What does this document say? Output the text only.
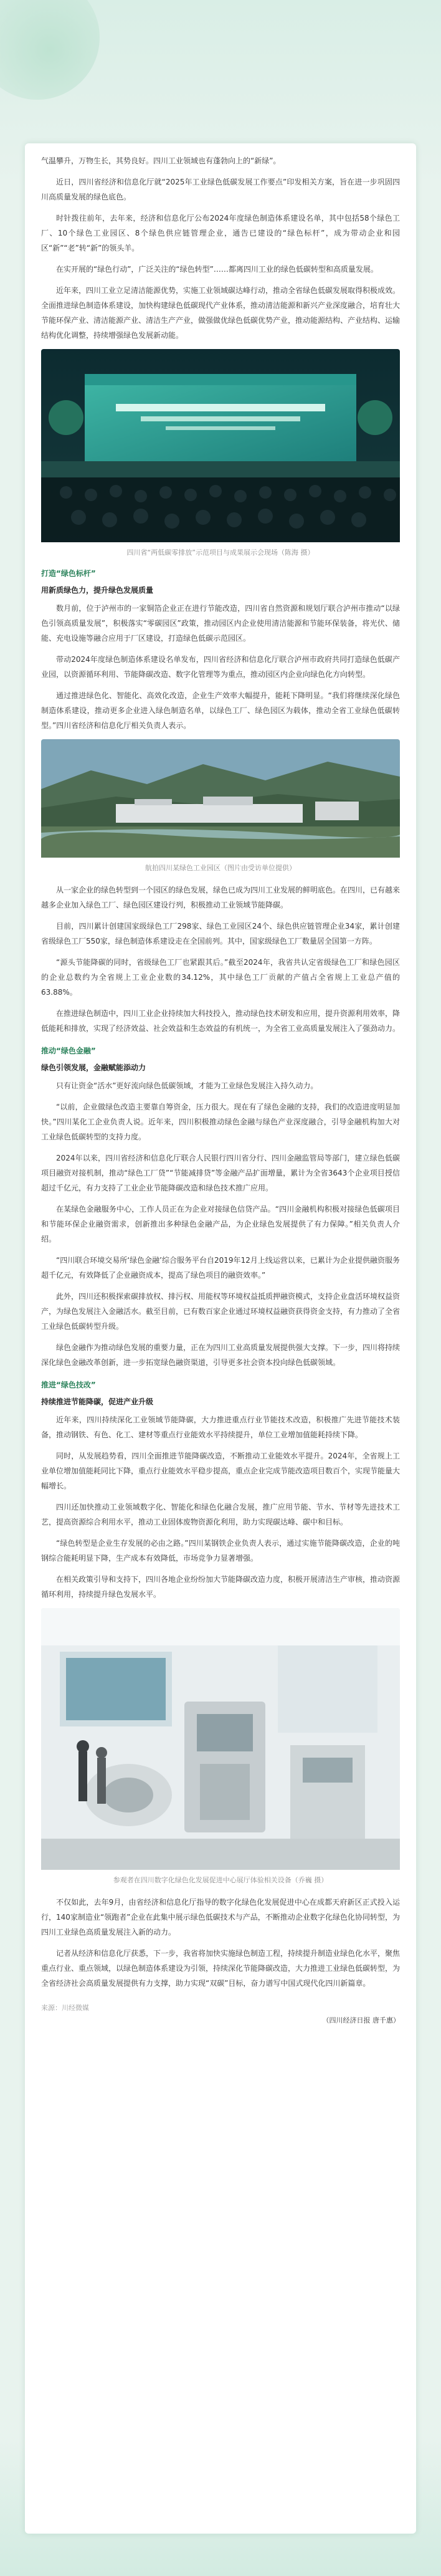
气温攀升，万物生长，其势良好。四川工业领域也有蓬勃向上的“新绿”。

近日，四川省经济和信息化厅就“2025年工业绿色低碳发展工作要点”印发相关方案，旨在进一步巩固四川高质量发展的绿色底色。

时针拨往前年，去年来，经济和信息化厅公布2024年度绿色制造体系建设名单，其中包括58个绿色工厂、10个绿色工业园区、8个绿色供应链管理企业，通告已建设的“绿色标杆”，成为带动企业和园区“新”“老”转“新”的领头羊。

在实开展的“绿色行动”，广泛关注的“绿色转型”……都离四川工业的绿色低碳转型和高质量发展。

近年来，四川工业立足清洁能源优势，实施工业领域碳达峰行动，推动全省绿色低碳发展取得积极成效。全面推进绿色制造体系建设，加快构建绿色低碳现代产业体系，推动清洁能源和新兴产业深度融合，培育壮大节能环保产业、清洁能源产业、清洁生产产业，做强做优绿色低碳优势产业，推动能源结构、产业结构、运输结构优化调整，持续增强绿色发展新动能。

四川省“两低碳零排放”示范项目与成果展示会现场（陈海 摄）

打造“绿色标杆”

用新质绿色力，提升绿色发展质量

数月前，位于泸州市的一家铜箔企业正在进行节能改造，四川省自然资源和规划厅联合泸州市推动“以绿色引领高质量发展”，积极落实“零碳园区”政策，推动园区内企业使用清洁能源和节能环保装备，将光伏、储能、充电设施等融合应用于厂区建设，打造绿色低碳示范园区。

带动2024年度绿色制造体系建设名单发布，四川省经济和信息化厅联合泸州市政府共同打造绿色低碳产业园，以资源循环利用、节能降碳改造、数字化管理等为重点，推动园区内企业向绿色化方向转型。

通过推进绿色化、智能化、高效化改造，企业生产效率大幅提升，能耗下降明显。“我们将继续深化绿色制造体系建设，推动更多企业进入绿色制造名单，以绿色工厂、绿色园区为载体，推动全省工业绿色低碳转型。”四川省经济和信息化厅相关负责人表示。

航拍四川某绿色工业园区（图片由受访单位提供）

从一家企业的绿色转型到一个园区的绿色发展，绿色已成为四川工业发展的鲜明底色。在四川，已有越来越多企业加入绿色工厂、绿色园区建设行列，积极推动工业领域节能降碳。

目前，四川累计创建国家级绿色工厂298家、绿色工业园区24个、绿色供应链管理企业34家，累计创建省级绿色工厂550家，绿色制造体系建设走在全国前列。其中，国家级绿色工厂数量居全国第一方阵。

“源头节能降碳的同时，省级绿色工厂也紧跟其后。”截至2024年，我省共认定省级绿色工厂和绿色园区的企业总数约为全省规上工业企业数的34.12%，其中绿色工厂贡献的产值占全省规上工业总产值的63.88%。

在推进绿色制造中，四川工业企业持续加大科技投入，推动绿色技术研发和应用，提升资源利用效率，降低能耗和排放，实现了经济效益、社会效益和生态效益的有机统一，为全省工业高质量发展注入了强劲动力。

推动“绿色金融”

绿色引领发展，金融赋能添动力

只有让资金“活水”更好流向绿色低碳领域，才能为工业绿色发展注入持久动力。

“以前，企业做绿色改造主要靠自筹资金，压力很大。现在有了绿色金融的支持，我们的改造进度明显加快。”四川某化工企业负责人说。近年来，四川积极推动绿色金融与绿色产业深度融合，引导金融机构加大对工业绿色低碳转型的支持力度。

2024年以来，四川省经济和信息化厅联合人民银行四川省分行、四川金融监管局等部门，建立绿色低碳项目融资对接机制，推动“绿色工厂贷”“节能减排贷”等金融产品扩面增量，累计为全省3643个企业项目授信超过千亿元，有力支持了工业企业节能降碳改造和绿色技术推广应用。

在某绿色金融服务中心，工作人员正在为企业对接绿色信贷产品。“四川金融机构积极对接绿色低碳项目和节能环保企业融资需求，创新推出多种绿色金融产品，为企业绿色发展提供了有力保障。”相关负责人介绍。

“四川联合环境交易所‘绿色金融’综合服务平台自2019年12月上线运营以来，已累计为企业提供融资服务超千亿元，有效降低了企业融资成本，提高了绿色项目的融资效率。”

此外，四川还积极探索碳排放权、排污权、用能权等环境权益抵质押融资模式，支持企业盘活环境权益资产，为绿色发展注入金融活水。截至目前，已有数百家企业通过环境权益融资获得资金支持，有力推动了全省工业绿色低碳转型升级。

绿色金融作为推动绿色发展的重要力量，正在为四川工业高质量发展提供强大支撑。下一步，四川将持续深化绿色金融改革创新，进一步拓宽绿色融资渠道，引导更多社会资本投向绿色低碳领域。

推进“绿色技改”

持续推进节能降碳，促进产业升级

近年来，四川持续深化工业领域节能降碳，大力推进重点行业节能技术改造，积极推广先进节能技术装备，推动钢铁、有色、化工、建材等重点行业能效水平持续提升，单位工业增加值能耗持续下降。

同时，从发展趋势看，四川全面推进节能降碳改造，不断推动工业能效水平提升。2024年，全省规上工业单位增加值能耗同比下降，重点行业能效水平稳步提高，重点企业完成节能改造项目数百个，实现节能量大幅增长。

四川还加快推动工业领域数字化、智能化和绿色化融合发展，推广应用节能、节水、节材等先进技术工艺，提高资源综合利用水平，推动工业固体废物资源化利用，助力实现碳达峰、碳中和目标。

“绿色转型是企业生存发展的必由之路。”四川某钢铁企业负责人表示，通过实施节能降碳改造，企业的吨钢综合能耗明显下降，生产成本有效降低，市场竞争力显著增强。

在相关政策引导和支持下，四川各地企业纷纷加大节能降碳改造力度，积极开展清洁生产审核，推动资源循环利用，持续提升绿色发展水平。

参观者在四川数字化绿色化发展促进中心展厅体验相关设备（乔巍 摄）

不仅如此，去年9月，由省经济和信息化厅指导的数字化绿色化发展促进中心在成都天府新区正式投入运行，140家制造业“领跑者”企业在此集中展示绿色低碳技术与产品，不断推动企业数字化绿色化协同转型，为四川工业绿色高质量发展注入新的动力。

记者从经济和信息化厅获悉，下一步，我省将加快实施绿色制造工程，持续提升制造业绿色化水平，聚焦重点行业、重点领域，以绿色制造体系建设为引领，持续深化节能降碳改造，大力推进工业绿色低碳转型，为全省经济社会高质量发展提供有力支撑，助力实现“双碳”目标，奋力谱写中国式现代化四川新篇章。

来源：川经微媒

（四川经济日报 唐千惠）
